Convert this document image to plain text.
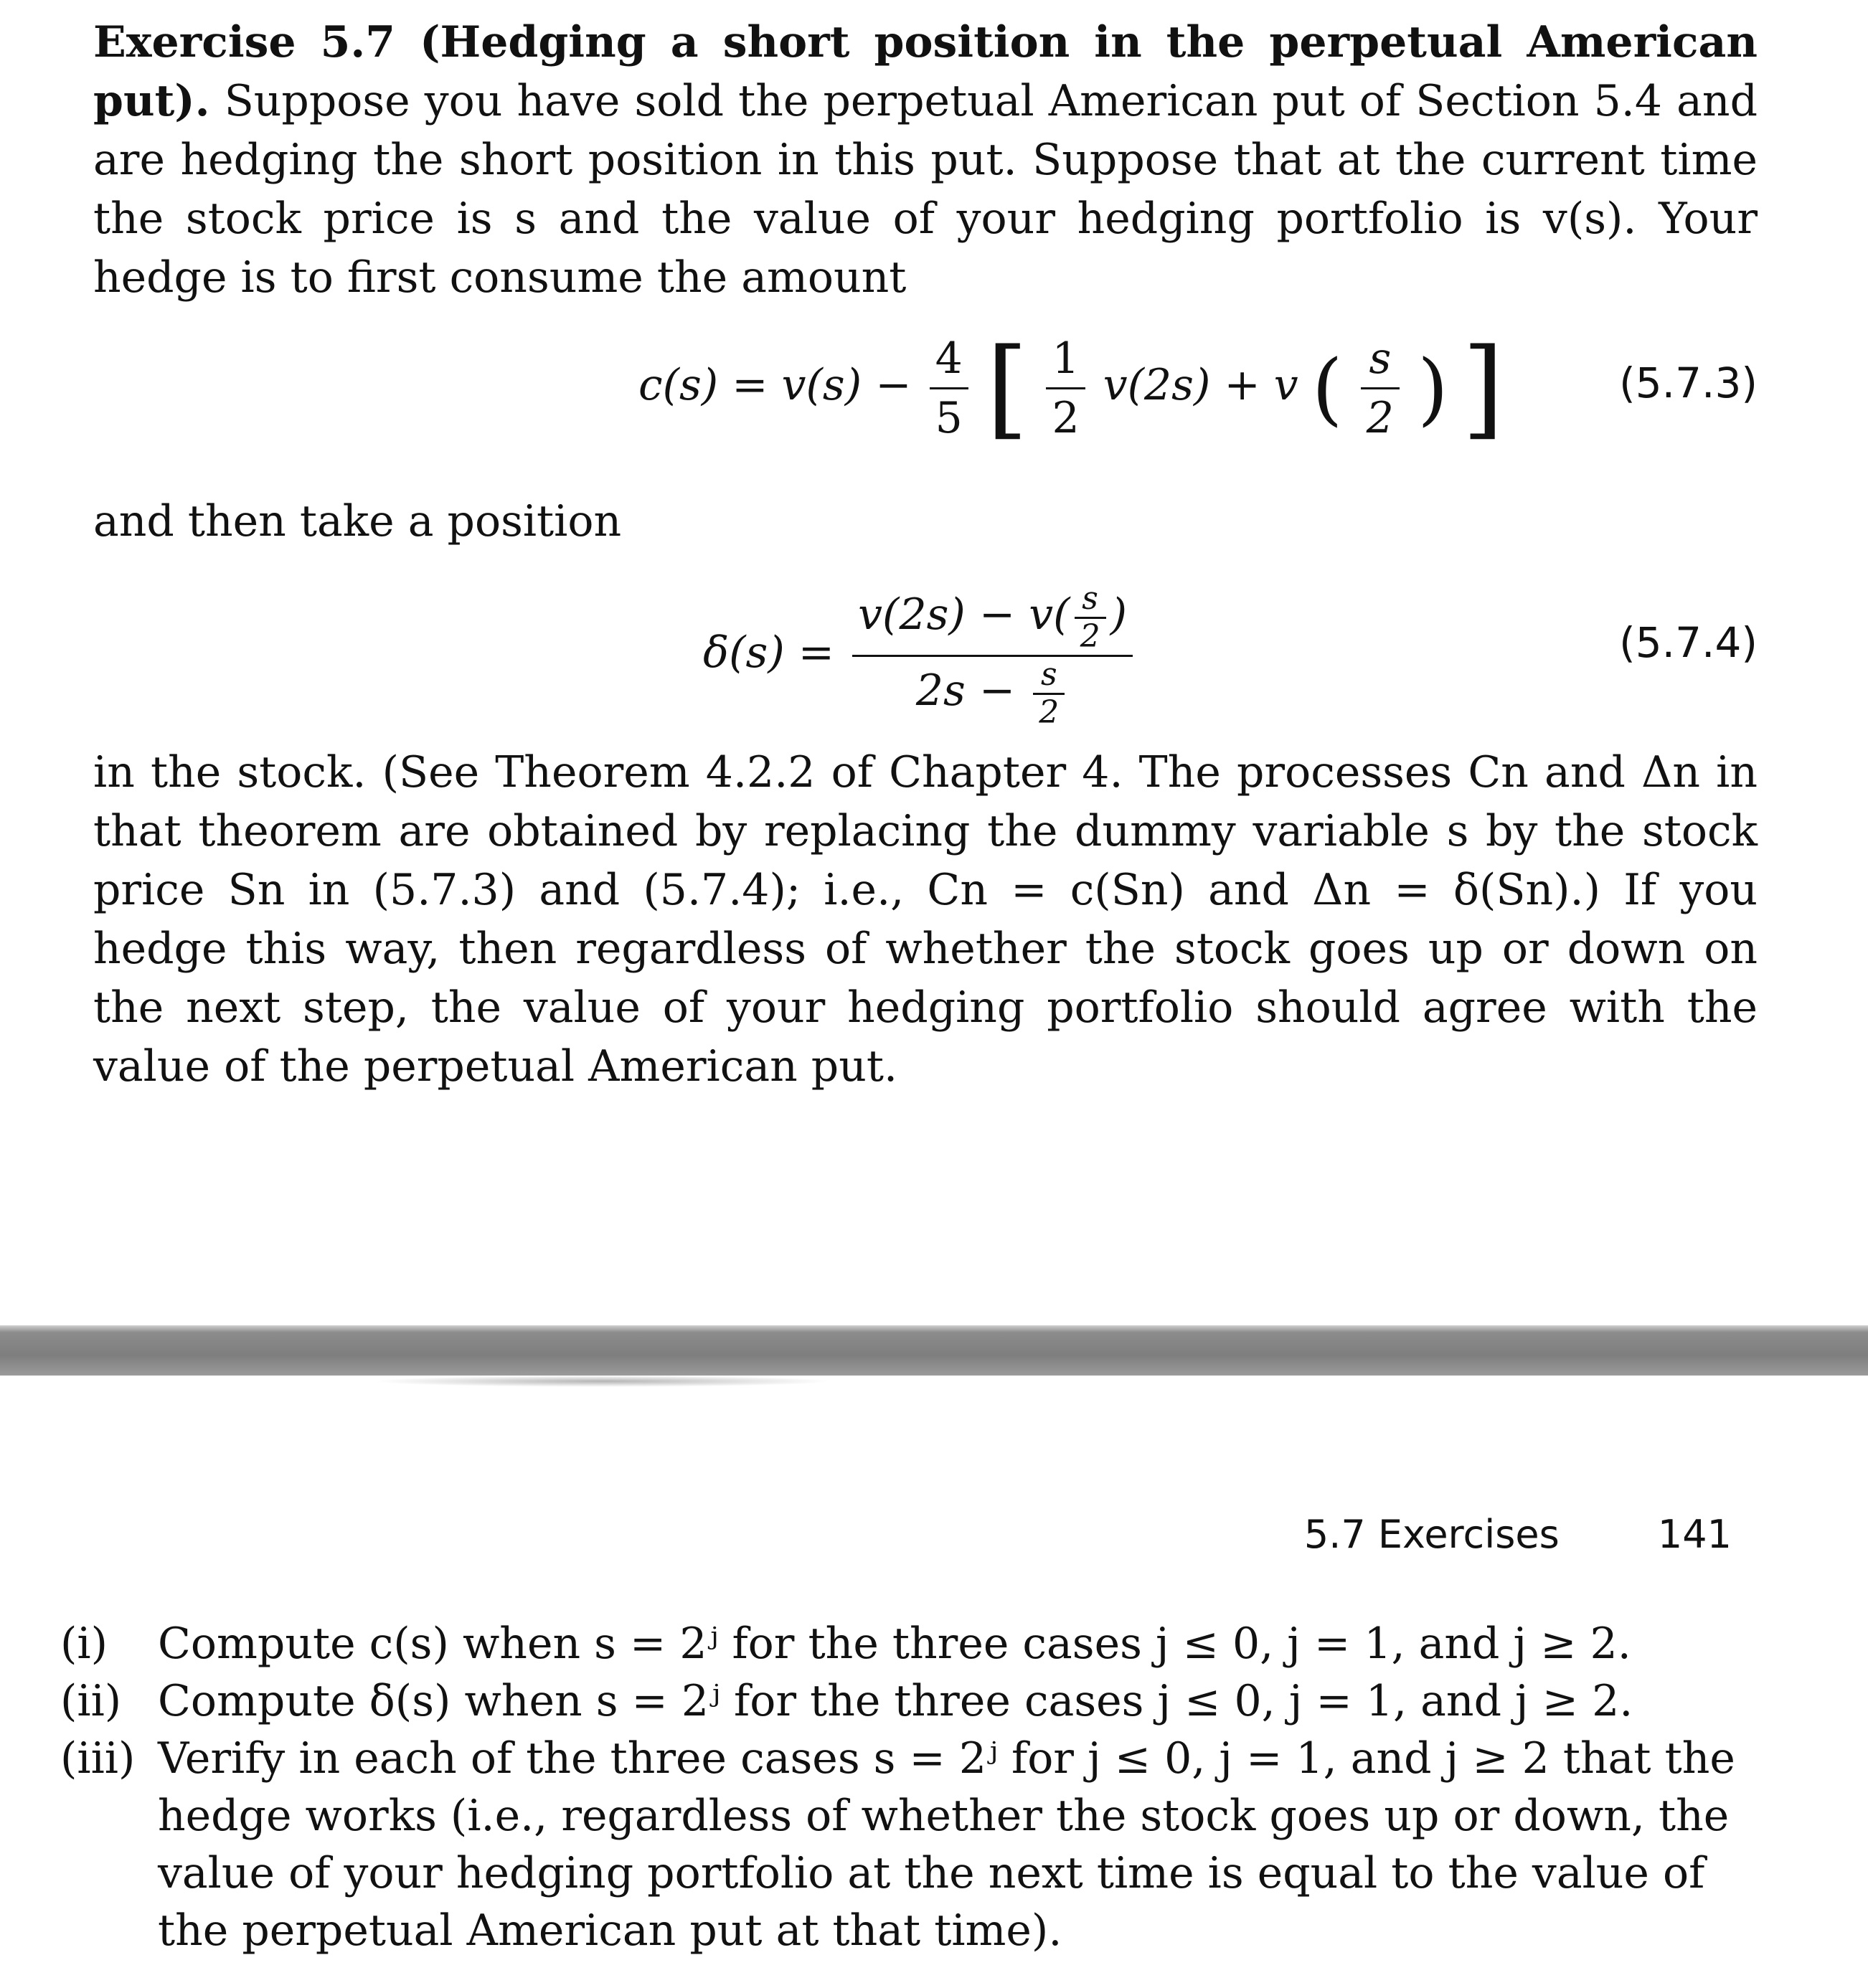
Exercise 5.7 (Hedging a short position in the perpetual American put). Suppose you have sold the perpetual American put of Section 5.4 and are hedging the short position in this put. Suppose that at the current time the stock price is s and the value of your hedging portfolio is v(s). Your hedge is to first consume the amount
$c(s) = v(s) - \frac{4}{5}$ [ $\frac{1}{2} v(2s) + v$ ( $\frac{s}{2}$ ) ]	(5.7.3)
and then take a position
$\delta(s) = \frac{v(2s) - v( \frac{s}{2} )}{2s - \frac{s}{2}}$	(5.7.4)
in the stock. (See Theorem 4.2.2 of Chapter 4. The processes Cn and Δn in that theorem are obtained by replacing the dummy variable s by the stock price Sn in (5.7.3) and (5.7.4); i.e., Cn = c(Sn) and Δn = δ(Sn).) If you hedge this way, then regardless of whether the stock goes up or down on the next step, the value of your hedging portfolio should agree with the value of the perpetual American put.
5.7 Exercises	141
(i) Compute c(s) when s = 2ʲ for the three cases j ≤ 0, j = 1, and j ≥ 2.
(ii) Compute δ(s) when s = 2ʲ for the three cases j ≤ 0, j = 1, and j ≥ 2.
(iii) Verify in each of the three cases s = 2ʲ for j ≤ 0, j = 1, and j ≥ 2 that the hedge works (i.e., regardless of whether the stock goes up or down, the value of your hedging portfolio at the next time is equal to the value of the perpetual American put at that time).
